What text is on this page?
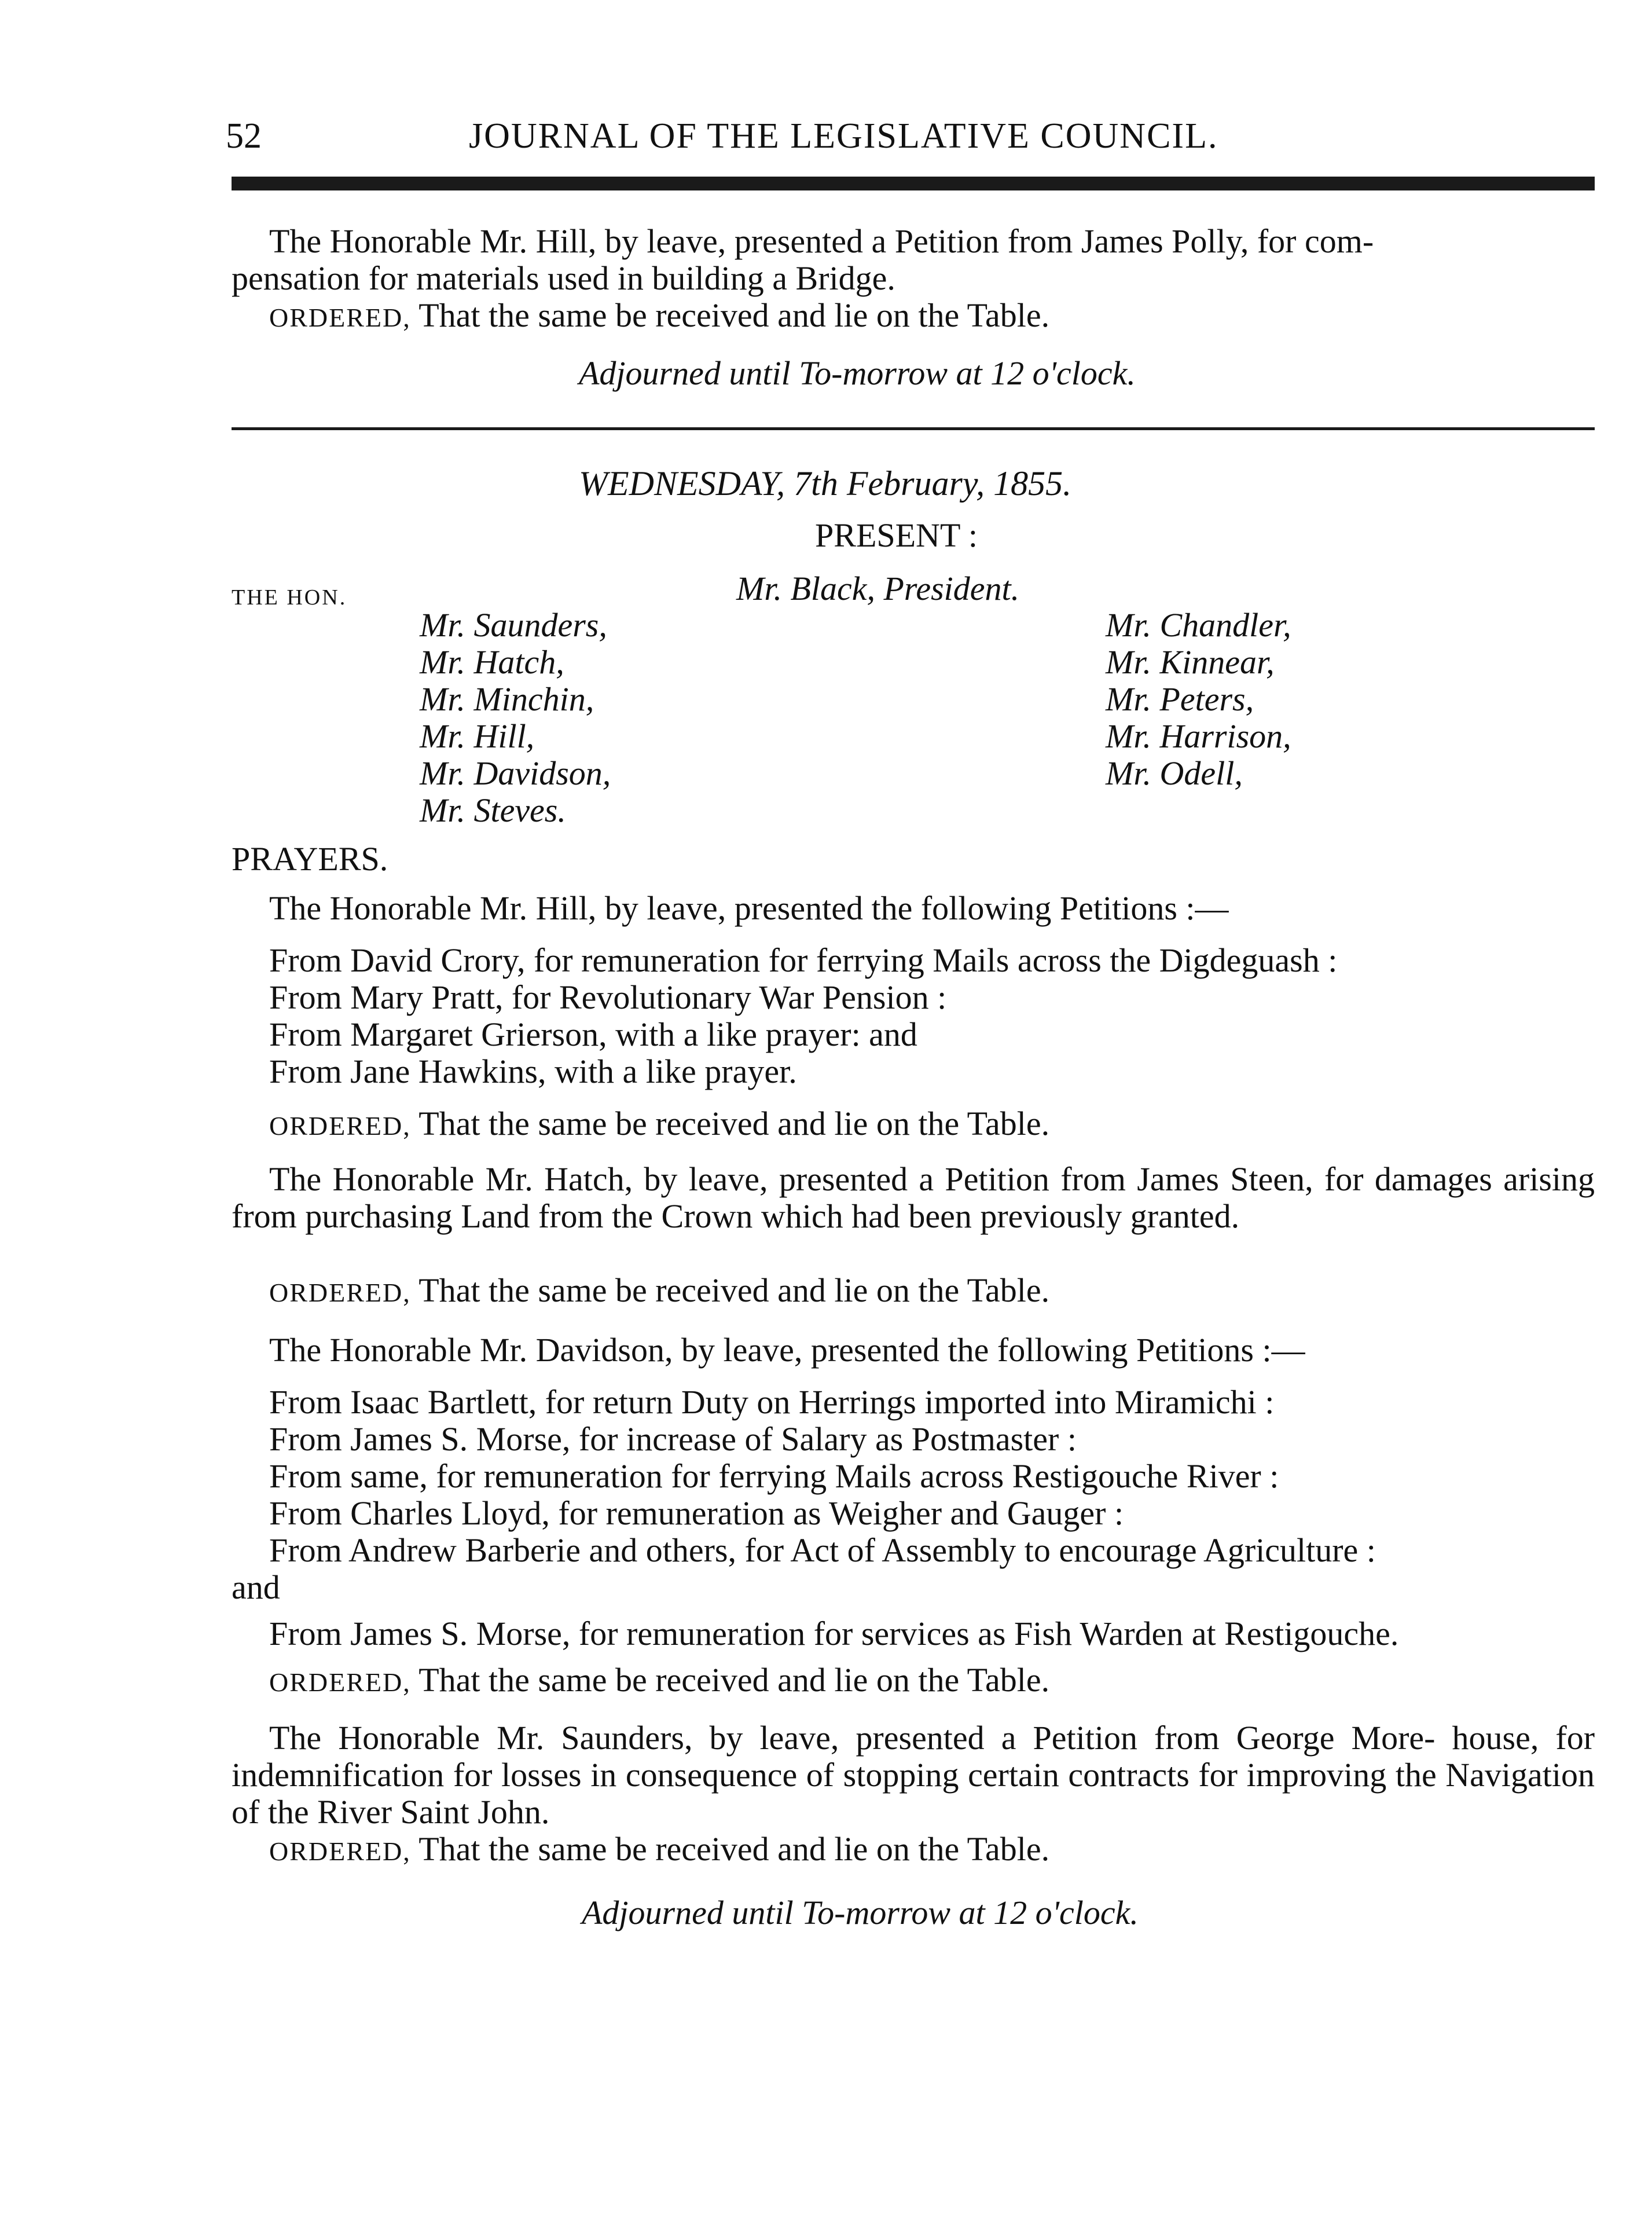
52	JOURNAL OF THE LEGISLATIVE COUNCIL.
The Honorable Mr. Hill, by leave, presented a Petition from James Polly, for com-
pensation for materials used in building a Bridge.
ORDERED, That the same be received and lie on the Table.
Adjourned until To-morrow at 12 o'clock.
WEDNESDAY, 7th February, 1855.
PRESENT :
THE HON.	Mr. Black, President.
Mr. Saunders,
Mr. Hatch,
Mr. Minchin,
Mr. Hill,
Mr. Davidson,
Mr. Steves.
Mr. Chandler,
Mr. Kinnear,
Mr. Peters,
Mr. Harrison,
Mr. Odell,
PRAYERS.
The Honorable Mr. Hill, by leave, presented the following Petitions :—
From David Crory, for remuneration for ferrying Mails across the Digdeguash :
From Mary Pratt, for Revolutionary War Pension :
From Margaret Grierson, with a like prayer: and
From Jane Hawkins, with a like prayer.
ORDERED, That the same be received and lie on the Table.
The Honorable Mr. Hatch, by leave, presented a Petition from James Steen, for damages arising from purchasing Land from the Crown which had been previously granted.
ORDERED, That the same be received and lie on the Table.
The Honorable Mr. Davidson, by leave, presented the following Petitions :—
From Isaac Bartlett, for return Duty on Herrings imported into Miramichi :
From James S. Morse, for increase of Salary as Postmaster :
From same, for remuneration for ferrying Mails across Restigouche River :
From Charles Lloyd, for remuneration as Weigher and Gauger :
From Andrew Barberie and others, for Act of Assembly to encourage Agriculture :
and
From James S. Morse, for remuneration for services as Fish Warden at Restigouche.
ORDERED, That the same be received and lie on the Table.
The Honorable Mr. Saunders, by leave, presented a Petition from George More- house, for indemnification for losses in consequence of stopping certain contracts for improving the Navigation of the River Saint John.
ORDERED, That the same be received and lie on the Table.
Adjourned until To-morrow at 12 o'clock.
